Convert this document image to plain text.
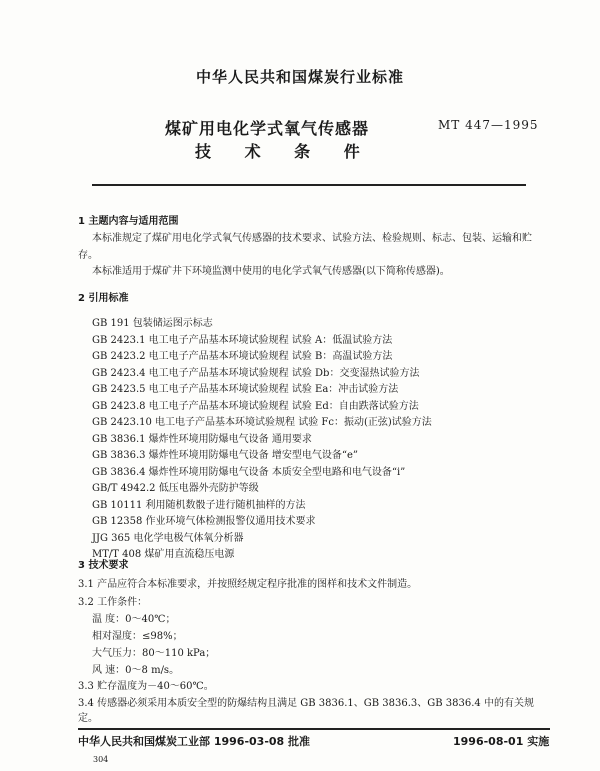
中华人民共和国煤炭行业标准
煤矿用电化学式氧气传感器
技 术 条 件
MT 447—1995
1 主题内容与适用范围
本标准规定了煤矿用电化学式氧气传感器的技术要求、试验方法、检验规则、标志、包装、运输和贮
存。
本标准适用于煤矿井下环境监测中使用的电化学式氧气传感器(以下简称传感器)。
2 引用标准
GB 191 包装储运图示标志
GB 2423.1 电工电子产品基本环境试验规程 试验 A：低温试验方法
GB 2423.2 电工电子产品基本环境试验规程 试验 B：高温试验方法
GB 2423.4 电工电子产品基本环境试验规程 试验 Db：交变湿热试验方法
GB 2423.5 电工电子产品基本环境试验规程 试验 Ea：冲击试验方法
GB 2423.8 电工电子产品基本环境试验规程 试验 Ed：自由跌落试验方法
GB 2423.10 电工电子产品基本环境试验规程 试验 Fc：振动(正弦)试验方法
GB 3836.1 爆炸性环境用防爆电气设备 通用要求
GB 3836.3 爆炸性环境用防爆电气设备 增安型电气设备“e”
GB 3836.4 爆炸性环境用防爆电气设备 本质安全型电路和电气设备“i”
GB/T 4942.2 低压电器外壳防护等级
GB 10111 利用随机数骰子进行随机抽样的方法
GB 12358 作业环境气体检测报警仪通用技术要求
JJG 365 电化学电极气体氧分析器
MT/T 408 煤矿用直流稳压电源
3 技术要求
3.1 产品应符合本标准要求，并按照经规定程序批准的图样和技术文件制造。
3.2 工作条件：
温 度：0～40℃；
相对湿度：≤98%；
大气压力：80～110 kPa；
风 速：0～8 m/s。
3.3 贮存温度为－40～60℃。
3.4 传感器必须采用本质安全型的防爆结构且满足 GB 3836.1、GB 3836.3、GB 3836.4 中的有关规
定。
中华人民共和国煤炭工业部 1996-03-08 批准	1996-08-01 实施
304
